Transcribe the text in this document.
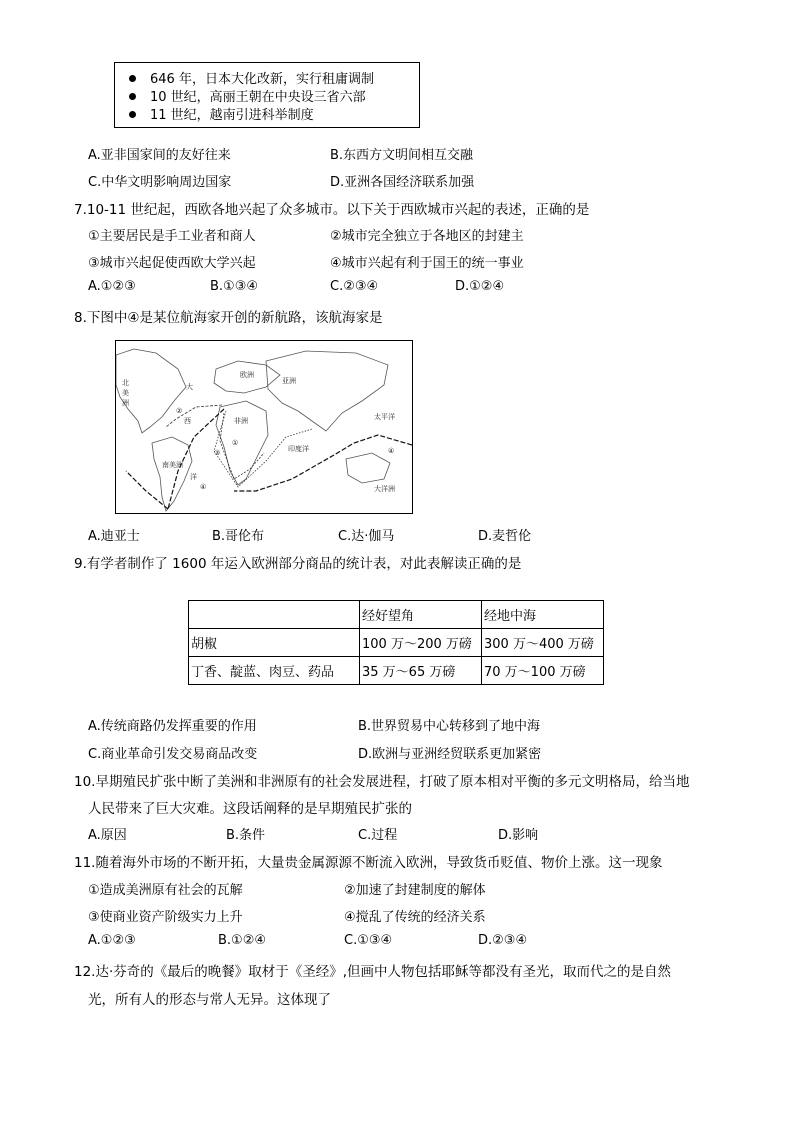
646 年，日本大化改新，实行租庸调制
10 世纪，高丽王朝在中央设三省六部
11 世纪，越南引进科举制度
A.亚非国家间的友好往来	B.东西方文明间相互交融
C.中华文明影响周边国家	D.亚洲各国经济联系加强
7.10-11 世纪起，西欧各地兴起了众多城市。以下关于西欧城市兴起的表述，正确的是
①主要居民是手工业者和商人	②城市完全独立于各地区的封建主
③城市兴起促使西欧大学兴起	④城市兴起有利于国王的统一事业
A.①②③	B.①③④	C.②③④	D.①②④
8.下图中④是某位航海家开创的新航路，该航海家是
大
北
美
洲
欧洲
亚洲
非洲
西
南美洲
洋
太平洋
印度洋
大洋洲
①
②
③
④
④
A.迪亚士	B.哥伦布	C.达·伽马	D.麦哲伦
9.有学者制作了 1600 年运入欧洲部分商品的统计表，对此表解读正确的是
	经好望角	经地中海
胡椒	100 万～200 万磅	300 万～400 万磅
丁香、靛蓝、肉豆、药品	35 万～65 万磅	70 万～100 万磅
A.传统商路仍发挥重要的作用	B.世界贸易中心转移到了地中海
C.商业革命引发交易商品改变	D.欧洲与亚洲经贸联系更加紧密
10.早期殖民扩张中断了美洲和非洲原有的社会发展进程，打破了原本相对平衡的多元文明格局，给当地
人民带来了巨大灾难。这段话阐释的是早期殖民扩张的
A.原因	B.条件	C.过程	D.影响
11.随着海外市场的不断开拓，大量贵金属源源不断流入欧洲，导致货币贬值、物价上涨。这一现象
①造成美洲原有社会的瓦解	②加速了封建制度的解体
③使商业资产阶级实力上升	④搅乱了传统的经济关系
A.①②③	B.①②④	C.①③④	D.②③④
12.达·芬奇的《最后的晚餐》取材于《圣经》,但画中人物包括耶稣等都没有圣光，取而代之的是自然
光，所有人的形态与常人无异。这体现了
